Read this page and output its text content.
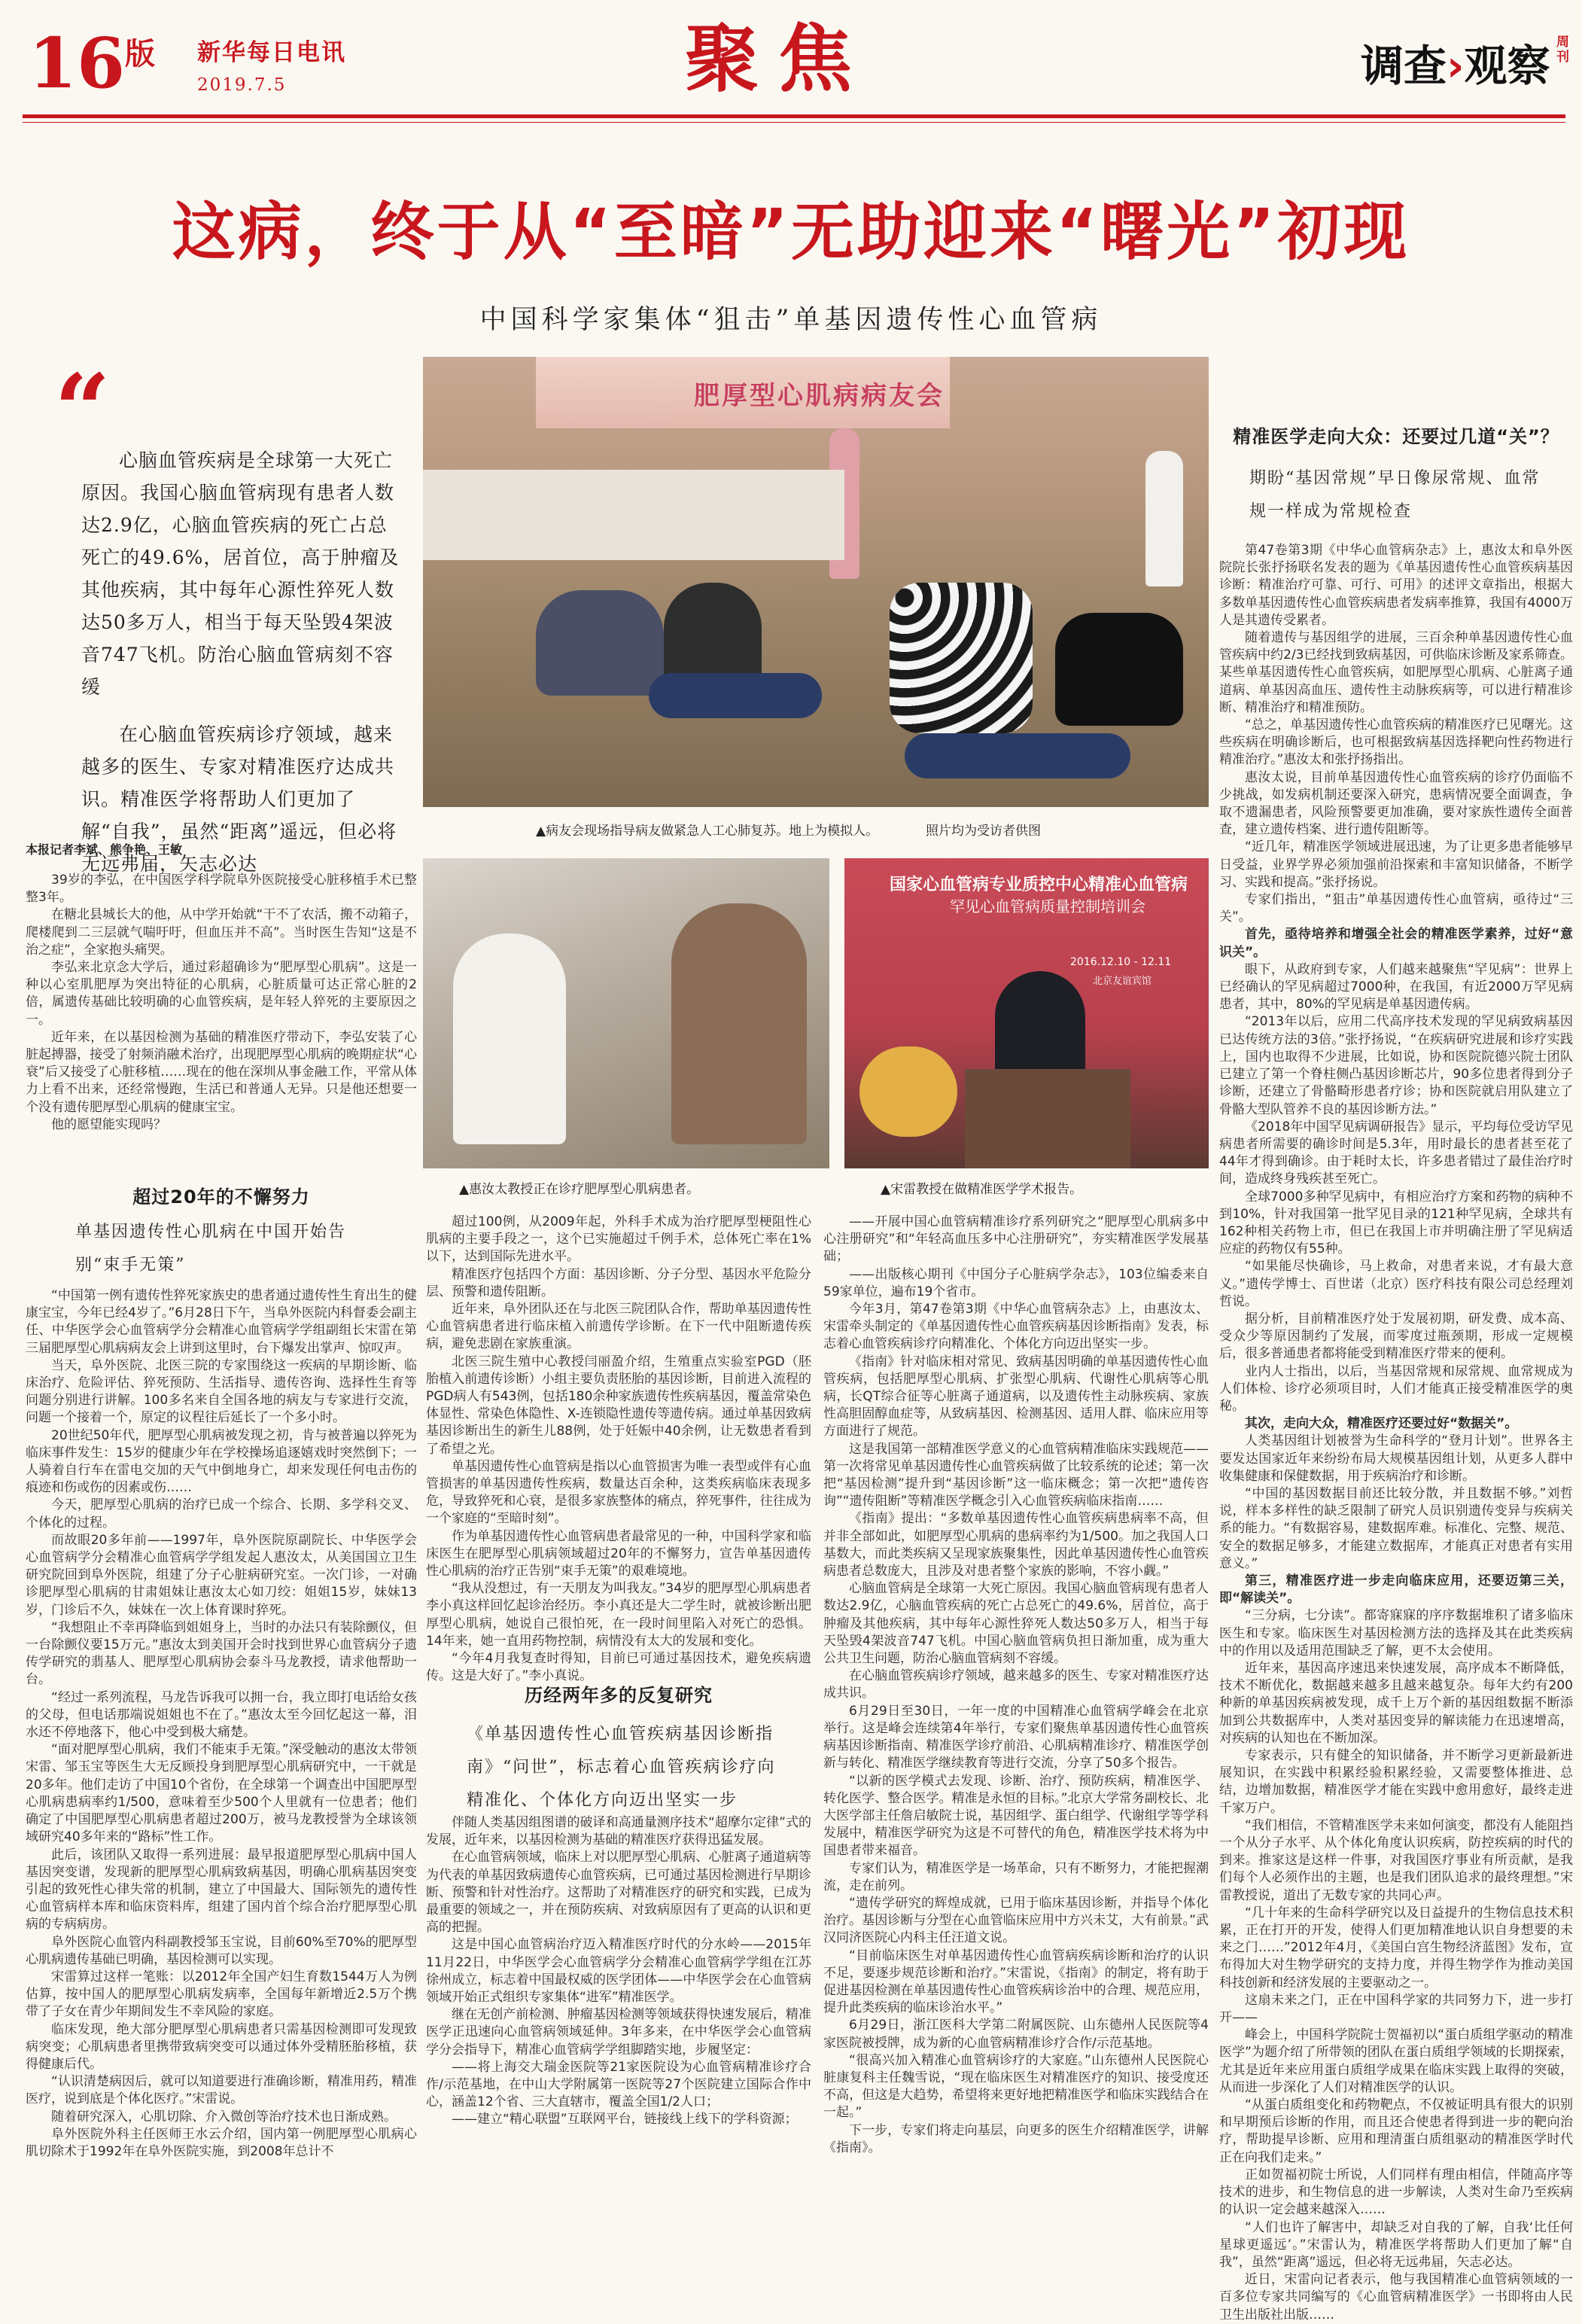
$16^版$ 新华每日电讯
2019.7.5	聚焦	调查›观察 周刊
这病，终于从“至暗”无助迎来“曙光”初现
中国科学家集体“狙击”单基因遗传性心血管病
“ 心脑血管疾病是全球第一大死亡原因。我国心脑血管病现有患者人数达2.9亿，心脑血管疾病的死亡占总死亡的49.6%，居首位，高于肿瘤及其他疾病，其中每年心源性猝死人数达50多万人，相当于每天坠毁4架波音747飞机。防治心脑血管病刻不容缓

在心脑血管疾病诊疗领域，越来越多的医生、专家对精准医疗达成共识。精准医学将帮助人们更加了解“自我”，虽然“距离”遥远，但必将无远弗届，矢志必达

本报记者李斌、熊争艳、王敏
肥厚型心肌病病友会
▲病友会现场指导病友做紧急人工心肺复苏。地上为模拟人。	照片均为受访者供图
▲惠汝太教授正在诊疗肥厚型心肌病患者。
国家心血管病专业质控中心精准心血管病
罕见心血管病质量控制培训会
2016.12.10 - 12.11
北京友谊宾馆
▲宋雷教授在做精准医学学术报告。

39岁的李弘，在中国医学科学院阜外医院接受心脏移植手术已整整3年。

在糖北县城长大的他，从中学开始就“干不了农活，搬不动箱子，爬楼爬到二三层就气喘吁吁，但血压并不高”。当时医生告知“这是不治之症”，全家抱头痛哭。

李弘来北京念大学后，通过彩超确诊为“肥厚型心肌病”。这是一种以心室肌肥厚为突出特征的心肌病，心脏质量可达正常心脏的2倍，属遗传基础比较明确的心血管疾病，是年轻人猝死的主要原因之一。

近年来，在以基因检测为基础的精准医疗带动下，李弘安装了心脏起搏器，接受了射频消融术治疗，出现肥厚型心肌病的晚期症状“心衰”后又接受了心脏移植……现在的他在深圳从事金融工作，平常从体力上看不出来，还经常慢跑，生活已和普通人无异。只是他还想要一个没有遗传肥厚型心肌病的健康宝宝。

他的愿望能实现吗？

超过20年的不懈努力
单基因遗传性心肌病在中国开始告别“束手无策”

“中国第一例有遗传性猝死家族史的患者通过遗传性生育出生的健康宝宝，今年已经4岁了。”6月28日下午，当阜外医院内科督委会副主任、中华医学会心血管病学分会精准心血管病学学组副组长宋雷在第三届肥厚型心肌病病友会上讲到这里时，台下爆发出掌声、惊叹声。

当天，阜外医院、北医三院的专家围绕这一疾病的早期诊断、临床治疗、危险评估、猝死预防、生活指导、遗传咨询、选择性生育等问题分别进行讲解。100多名来自全国各地的病友与专家进行交流，问题一个接着一个，原定的议程往后延长了一个多小时。

20世纪50年代，肥厚型心肌病被发现之初，肯与被普遍以猝死为临床事件发生：15岁的健康少年在学校操场追逐嬉戏时突然倒下；一人骑着自行车在雷电交加的天气中倒地身亡，却来发现任何电击伤的痕迹和伤或伤的因素或伤……

今天，肥厚型心肌病的治疗已成一个综合、长期、多学科交叉、个体化的过程。

而故眼20多年前——1997年，阜外医院原副院长、中华医学会心血管病学分会精准心血管病学学组发起人惠汝太，从美国国立卫生研究院回到阜外医院，组建了分子心脏病研究室。一次门诊，一对确诊肥厚型心肌病的甘肃姐妹让惠汝太心如刀绞：姐姐15岁，妹妹13岁，门诊后不久，妹妹在一次上体育课时猝死。

“我想阻止不幸再降临到姐姐身上，当时的办法只有装除颤仪，但一台除颤仪要15万元。”惠汝太到美国开会时找到世界心血管病分子遗传学研究的翡基人、肥厚型心肌病协会泰斗马龙教授，请求他帮助一台。

“经过一系列流程，马龙告诉我可以拥一台，我立即打电话给女孩的父母，但电话那端说姐姐也不在了。”惠汝太至今回忆起这一幕，泪水还不停地落下，他心中受到极大痛楚。

“面对肥厚型心肌病，我们不能束手无策。”深受触动的惠汝太带领宋雷、邹玉宝等医生大无反顾投身到肥厚型心肌病研究中，一干就是20多年。他们走访了中国10个省份，在全球第一个调查出中国肥厚型心肌病患病率约1/500，意味着至少500个人里就有一位患者；他们确定了中国肥厚型心肌病患者超过200万，被马龙教授誉为全球该领域研究40多年来的“路标”性工作。

此后，该团队又取得一系列进展：最早报道肥厚型心肌病中国人基因突变谱，发现新的肥厚型心肌病致病基因，明确心肌病基因突变引起的致死性心律失常的机制，建立了中国最大、国际领先的遗传性心血管病样本库和临床资料库，组建了国内首个综合治疗肥厚型心肌病的专病病房。

阜外医院心血管内科副教授邹玉宝说，目前60%至70%的肥厚型心肌病遗传基础已明确，基因检测可以实现。

宋雷算过这样一笔账：以2012年全国产妇生育数1544万人为例估算，按中国人的肥厚型心肌病发病率，全国每年新增近2.5万个携带了子女在青少年期间发生不幸风险的家庭。

临床发现，绝大部分肥厚型心肌病患者只需基因检测即可发现致病突变；心肌病患者里携带致病突变可以通过体外受精胚胎移植，获得健康后代。

“认识清楚病因后，就可以知道要进行准确诊断，精准用药，精准医疗，说到底是个体化医疗。”宋雷说。

随着研究深入，心肌切除、介入微创等治疗技术也日渐成熟。

阜外医院外科主任医师王水云介绍，国内第一例肥厚型心肌病心肌切除术于1992年在阜外医院实施，到2008年总计不

超过100例，从2009年起，外科手术成为治疗肥厚型梗阻性心肌病的主要手段之一，这个已实施超过千例手术，总体死亡率在1%以下，达到国际先进水平。

精准医疗包括四个方面：基因诊断、分子分型、基因水平危险分层、预警和遗传阻断。

近年来，阜外团队还在与北医三院团队合作，帮助单基因遗传性心血管病患者进行临床植入前遗传学诊断。在下一代中阻断遗传疾病，避免悲剧在家族重演。

北医三院生殖中心教授闫丽盈介绍，生殖重点实验室PGD（胚胎植入前遗传诊断）小组主要负责胚胎的基因诊断，目前进入流程的PGD病人有543例，包括180余种家族遗传性疾病基因，覆盖常染色体显性、常染色体隐性、X-连锁隐性遗传等遗传病。通过单基因致病基因诊断出生的新生儿88例，处于妊娠中40余例，让无数患者看到了希望之光。

单基因遗传性心血管病是指以心血管损害为唯一表型或伴有心血管损害的单基因遗传性疾病，数量达百余种，这类疾病临床表现多危，导致猝死和心衰，是很多家族整体的痛点，猝死事件，往往成为一个家庭的“至暗时刻”。

作为单基因遗传性心血管病患者最常见的一种，中国科学家和临床医生在肥厚型心肌病领域超过20年的不懈努力，宣告单基因遗传性心肌病的治疗正告别“束手无策”的艰难境地。

“我从没想过，有一天朋友为叫我友。”34岁的肥厚型心肌病患者李小真这样回忆起诊治经历。李小真还是大二学生时，就被诊断出肥厚型心肌病，她说自己很怕死，在一段时间里陷入对死亡的恐惧。14年来，她一直用药物控制，病情没有太大的发展和变化。

“今年4月我复查时得知，目前已可通过基因技术，避免疾病遗传。这是大好了。”李小真说。

历经两年多的反复研究
《单基因遗传性心血管疾病基因诊断指南》“问世”，标志着心血管疾病诊疗向精准化、个体化方向迈出坚实一步

伴随人类基因组图谱的破译和高通量测序技术“超摩尔定律”式的发展，近年来，以基因检测为基础的精准医疗获得迅猛发展。

在心血管病领域，临床上对以肥厚型心肌病、心脏离子通道病等为代表的单基因致病遗传心血管疾病，已可通过基因检测进行早期诊断、预警和针对性治疗。这帮助了对精准医疗的研究和实践，已成为最重要的领域之一，并在预防疾病、对致病原因有了更高的认识和更高的把握。

这是中国心血管病治疗迈入精准医疗时代的分水岭——2015年11月22日，中华医学会心血管病学分会精准心血管病学学组在江苏徐州成立，标志着中国最权威的医学团体——中华医学会在心血管病领域开始正式组织专家集体“进军”精准医学。

继在无创产前检测、肿瘤基因检测等领域获得快速发展后，精准医学正迅速向心血管病领域延伸。3年多来，在中华医学会心血管病学分会指导下，精准心血管病学学组脚踏实地，步履坚定：

——将上海交大瑞金医院等21家医院设为心血管病精准诊疗合作/示范基地，在中山大学附属第一医院等27个医院建立国际合作中心，涵盖12个省、三大直辖市，覆盖全国1/2人口；

——建立“精心联盟”互联网平台，链接线上线下的学科资源；

——开展中国心血管病精准诊疗系列研究之“肥厚型心肌病多中心注册研究”和“年轻高血压多中心注册研究”，夯实精准医学发展基础；

——出版核心期刊《中国分子心脏病学杂志》，103位编委来自59家单位，遍布19个省市。

今年3月，第47卷第3期《中华心血管病杂志》上，由惠汝太、宋雷牵头制定的《单基因遗传性心血管疾病基因诊断指南》发表，标志着心血管疾病诊疗向精准化、个体化方向迈出坚实一步。

《指南》针对临床相对常见、致病基因明确的单基因遗传性心血管疾病，包括肥厚型心肌病、扩张型心肌病、代谢性心肌病等心肌病，长QT综合征等心脏离子通道病，以及遗传性主动脉疾病、家族性高胆固醇血症等，从致病基因、检测基因、适用人群、临床应用等方面进行了规范。

这是我国第一部精准医学意义的心血管病精准临床实践规范——第一次将常见单基因遗传性心血管疾病做了比较系统的论述；第一次把“基因检测”提升到“基因诊断”这一临床概念；第一次把“遗传咨询”“遗传阻断”等精准医学概念引入心血管疾病临床指南……

《指南》提出：“多数单基因遗传性心血管疾病患病率不高，但并非全部如此，如肥厚型心肌病的患病率约为1/500。加之我国人口基数大，而此类疾病又呈现家族聚集性，因此单基因遗传性心血管疾病患者总数庞大，且涉及对患者整个家族的影响，不容小觑。”

心脑血管病是全球第一大死亡原因。我国心脑血管病现有患者人数达2.9亿，心脑血管疾病的死亡占总死亡的49.6%，居首位，高于肿瘤及其他疾病，其中每年心源性猝死人数达50多万人，相当于每天坠毁4架波音747飞机。中国心脑血管病负担日渐加重，成为重大公共卫生问题，防治心脑血管病刻不容缓。

在心脑血管疾病诊疗领域，越来越多的医生、专家对精准医疗达成共识。

6月29日至30日，一年一度的中国精准心血管病学峰会在北京举行。这是峰会连续第4年举行，专家们聚焦单基因遗传性心血管疾病基因诊断指南、精准医学诊疗前沿、心肌病精准诊疗、精准医学创新与转化、精准医学继续教育等进行交流，分享了50多个报告。

“以新的医学模式去发现、诊断、治疗、预防疾病，精准医学、转化医学、整合医学。精准是永恒的目标。”北京大学常务副校长、北大医学部主任詹启敏院士说，基因组学、蛋白组学、代谢组学等学科发展中，精准医学研究为这是不可替代的角色，精准医学技术将为中国患者带来福音。

专家们认为，精准医学是一场革命，只有不断努力，才能把握潮流，走在前列。

“遗传学研究的辉煌成就，已用于临床基因诊断，并指导个体化治疗。基因诊断与分型在心血管临床应用中方兴未艾，大有前景。”武汉同济医院心内科主任汪道文说。

“目前临床医生对单基因遗传性心血管病疾病诊断和治疗的认识不足，要逐步规范诊断和治疗。”宋雷说，《指南》的制定，将有助于促进基因检测在单基因遗传性心血管疾病诊治中的合理、规范应用，提升此类疾病的临床诊治水平。”

6月29日，浙江医科大学第二附属医院、山东德州人民医院等4家医院被授牌，成为新的心血管病精准诊疗合作/示范基地。

“很高兴加入精准心血管病诊疗的大家庭。”山东德州人民医院心脏康复科主任魏雪说，“现在临床医生对精准医疗的知识、接受度还不高，但这是大趋势，希望将来更好地把精准医学和临床实践结合在一起。”

下一步，专家们将走向基层，向更多的医生介绍精准医学，讲解《指南》。

精准医学走向大众：还要过几道“关”？
期盼“基因常规”早日像尿常规、血常规一样成为常规检查

第47卷第3期《中华心血管病杂志》上，惠汝太和阜外医院院长张抒扬联名发表的题为《单基因遗传性心血管疾病基因诊断：精准治疗可靠、可行、可用》的述评文章指出，根据大多数单基因遗传性心血管疾病患者发病率推算，我国有4000万人是其遗传受累者。

随着遗传与基因组学的进展，三百余种单基因遗传性心血管疾病中约2/3已经找到致病基因，可供临床诊断及家系筛查。某些单基因遗传性心血管疾病，如肥厚型心肌病、心脏离子通道病、单基因高血压、遗传性主动脉疾病等，可以进行精准诊断、精准治疗和精准预防。

“总之，单基因遗传性心血管疾病的精准医疗已见曙光。这些疾病在明确诊断后，也可根据致病基因选择靶向性药物进行精准治疗。”惠汝太和张抒扬指出。

惠汝太说，目前单基因遗传性心血管疾病的诊疗仍面临不少挑战，如发病机制还要深入研究，患病情况要全面调查，争取不遗漏患者，风险预警要更加准确，要对家族性遗传全面普查，建立遗传档案、进行遗传阻断等。

“近几年，精准医学领域进展迅速，为了让更多患者能够早日受益，业界学界必须加强前沿探索和丰富知识储备，不断学习、实践和提高。”张抒扬说。

专家们指出，“狙击”单基因遗传性心血管病，亟待过“三关”。

首先，亟待培养和增强全社会的精准医学素养，过好“意识关”。

眼下，从政府到专家，人们越来越聚焦“罕见病”：世界上已经确认的罕见病超过7000种，在我国，有近2000万罕见病患者，其中，80%的罕见病是单基因遗传病。

“2013年以后，应用二代高序技术发现的罕见病致病基因已达传统方法的3倍。”张抒扬说，“在疾病研究进展和诊疗实践上，国内也取得不少进展，比如说，协和医院院德兴院士团队已建立了第一个脊柱侧凸基因诊断芯片，90多位患者得到分子诊断，还建立了骨骼畸形患者疗诊；协和医院就启用队建立了骨骼大型队管养不良的基因诊断方法。”

《2018年中国罕见病调研报告》显示，平均每位受访罕见病患者所需要的确诊时间是5.3年，用时最长的患者甚至花了44年才得到确诊。由于耗时太长，许多患者错过了最佳治疗时间，造成终身残疾甚至死亡。

全球7000多种罕见病中，有相应治疗方案和药物的病种不到10%，针对我国第一批罕见目录的121种罕见病，全球共有162种相关药物上市，但已在我国上市并明确注册了罕见病适应症的药物仅有55种。

“如果能尽快确诊，马上救命，对患者来说，才有最大意义。”遗传学博士、百世诺（北京）医疗科技有限公司总经理刘哲说。

据分析，目前精准医疗处于发展初期，研发费、成本高、受众少等原因制约了发展，而零度过瓶颈期，形成一定规模后，很多普通患者都将能受到精准医疗带来的便利。

业内人士指出，以后，当基因常规和尿常规、血常规成为人们体检、诊疗必须项目时，人们才能真正接受精准医学的奥秘。

其次，走向大众，精准医疗还要过好“数据关”。

人类基因组计划被誉为生命科学的“登月计划”。世界各主要发达国家近年来纷纷布局大规模基因组计划，从更多人群中收集健康和保健数据，用于疾病治疗和诊断。

“中国的基因数据目前还比较分散，并且数据不够。”刘哲说，样本多样性的缺乏限制了研究人员识别遗传变异与疾病关系的能力。“有数据容易，建数据库难。标准化、完整、规范、安全的数据足够多，才能建立数据库，才能真正对患者有实用意义。”

第三，精准医疗进一步走向临床应用，还要迈第三关，即“解读关”。

“三分病，七分读”。都寄寐寐的序序数据堆积了诸多临床医生和专家。临床医生对基因检测方法的选择及其在此类疾病中的作用以及适用范围缺乏了解，更不太会使用。

近年来，基因高序速迅来快速发展，高序成本不断降低，技术不断优化，数据越来越多且越来越复杂。每年大约有200种新的单基因疾病被发现，成千上万个新的基因组数据不断添加到公共数据库中，人类对基因变异的解读能力在迅速增高，对疾病的认知也在不断加深。

专家表示，只有健全的知识储备，并不断学习更新最新进展知识，在实践中积累经验积累经验，又需要整体推进、总结，边增加数据，精准医学才能在实践中愈用愈好，最终走进千家万户。

“我们相信，不管精准医学未来如何演变，都没有人能阻挡一个从分子水平、从个体化角度认识疾病，防控疾病的时代的到来。推家这是这样一件事，对我国医疗事业有所贡献，是我们每个人必须作出的主题，也是我们团队追求的最终理想。”宋雷教授说，道出了无数专家的共同心声。

“几十年来的生命科学研究以及日益提升的生物信息技术积累，正在打开的开发，使得人们更加精准地认识自身想要的未来之门……”2012年4月，《美国白宫生物经济蓝图》发布，宣布得加大对生物学研究的支持力度，并得生物学作为推动美国科技创新和经济发展的主要驱动之一。

这扇未来之门，正在中国科学家的共同努力下，进一步打开——

峰会上，中国科学院院士贺福初以“蛋白质组学驱动的精准医学”为题介绍了所带领的团队在蛋白质组学领域的长期探索，尤其是近年来应用蛋白质组学成果在临床实践上取得的突破，从而进一步深化了人们对精准医学的认识。

“从蛋白质组变化和药物靶点，不仅被证明具有很大的识别和早期预后诊断的作用，而且还合使患者得到进一步的靶向治疗，帮助提早诊断、应用和理清蛋白质组驱动的精准医学时代正在向我们走来。”

正如贺福初院士所说，人们同样有理由相信，伴随高序等技术的进步，和生物信息的进一步解读，人类对生命乃至疾病的认识一定会越来越深入……

“人们也许了解害中，却缺乏对自我的了解，自我‘比任何星球更遥远’。”宋雷认为，精准医学将帮助人们更加了解“自我”，虽然“距离”遥远，但必将无远弗届，矢志必达。

近日，宋雷向记者表示，他与我国精准心血管病领域的一百多位专家共同编写的《心血管病精准医学》一书即将由人民卫生出版社出版……
